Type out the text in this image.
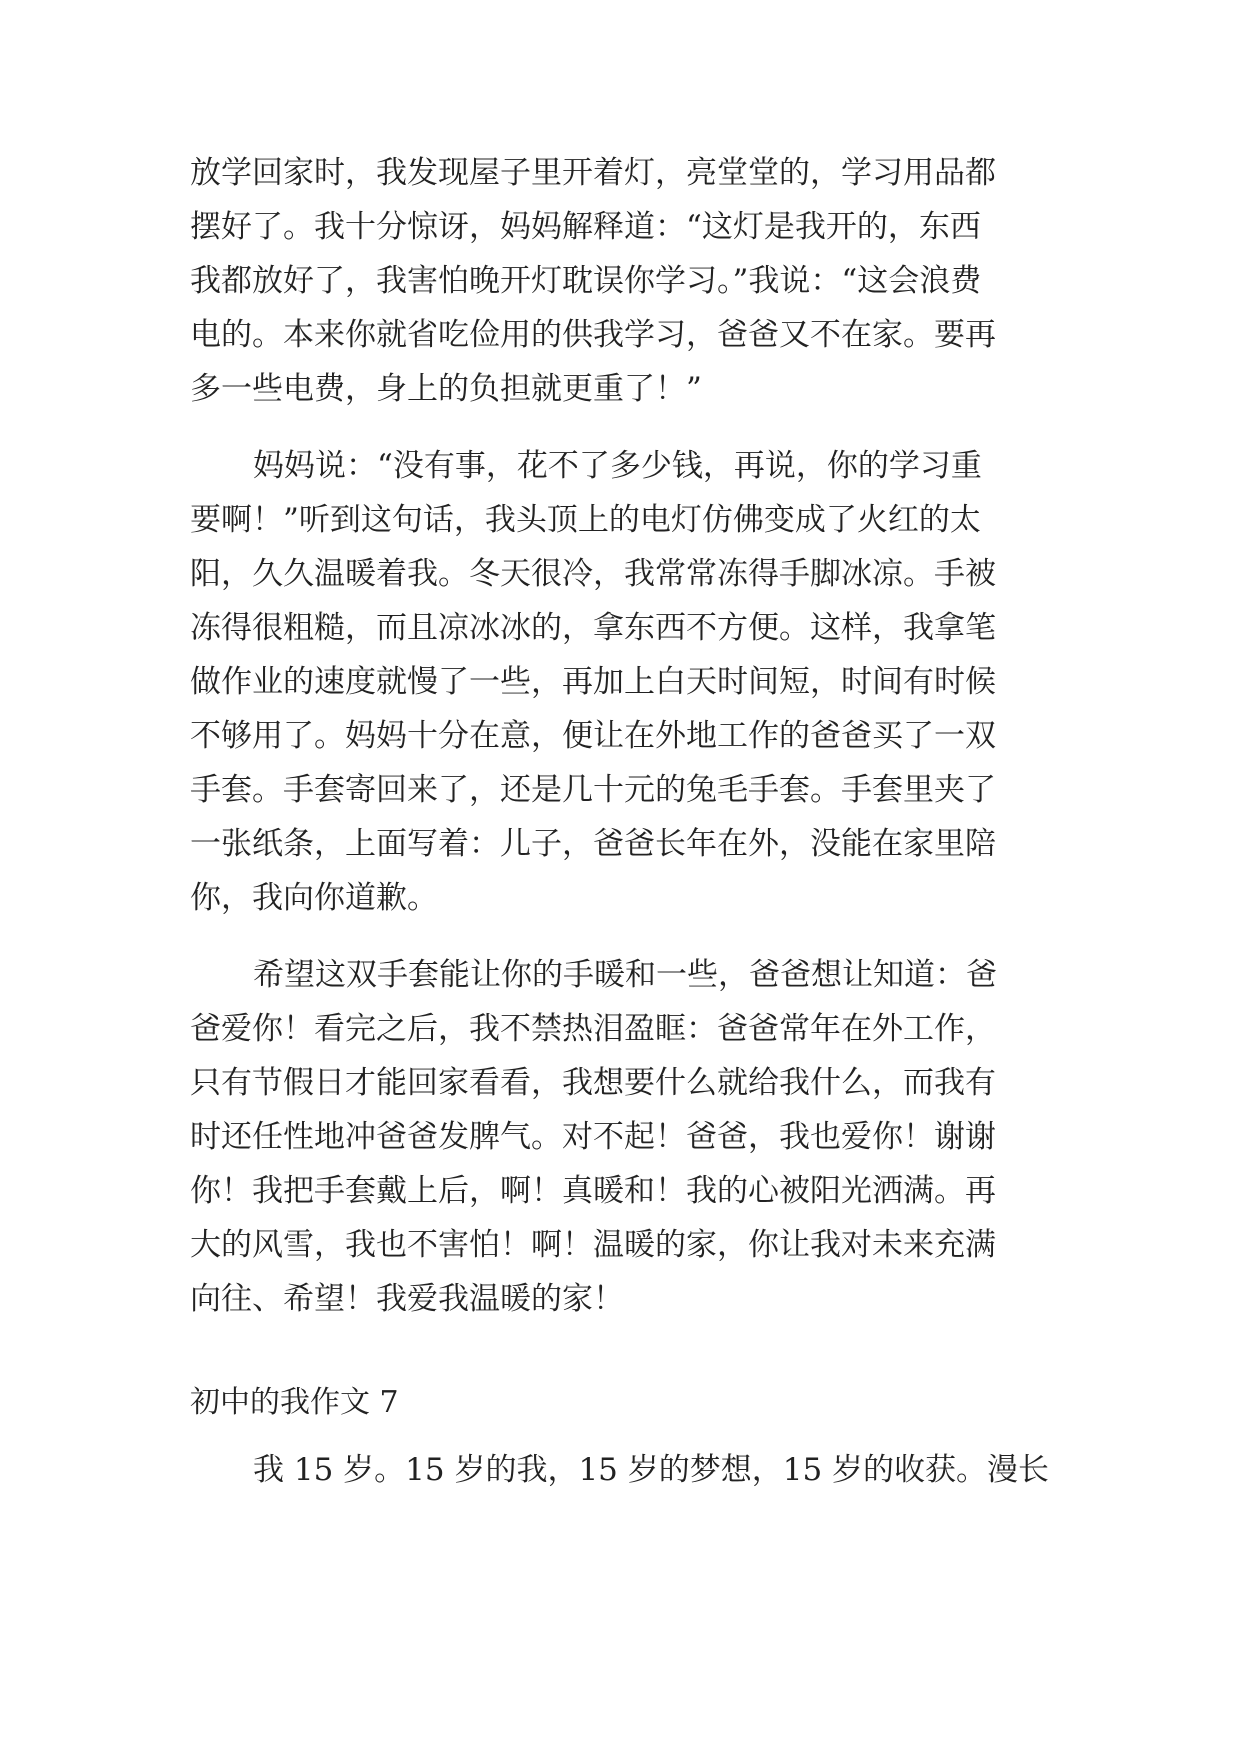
放学回家时，我发现屋子里开着灯，亮堂堂的，学习用品都
摆好了。我十分惊讶，妈妈解释道：“这灯是我开的，东西
我都放好了，我害怕晚开灯耽误你学习。”我说：“这会浪费
电的。本来你就省吃俭用的供我学习，爸爸又不在家。要再
多一些电费，身上的负担就更重了！”
妈妈说：“没有事，花不了多少钱，再说，你的学习重
要啊！”听到这句话，我头顶上的电灯仿佛变成了火红的太
阳，久久温暖着我。冬天很冷，我常常冻得手脚冰凉。手被
冻得很粗糙，而且凉冰冰的，拿东西不方便。这样，我拿笔
做作业的速度就慢了一些，再加上白天时间短，时间有时候
不够用了。妈妈十分在意，便让在外地工作的爸爸买了一双
手套。手套寄回来了，还是几十元的兔毛手套。手套里夹了
一张纸条，上面写着：儿子，爸爸长年在外，没能在家里陪
你，我向你道歉。
希望这双手套能让你的手暖和一些，爸爸想让知道：爸
爸爱你！看完之后，我不禁热泪盈眶：爸爸常年在外工作，
只有节假日才能回家看看，我想要什么就给我什么，而我有
时还任性地冲爸爸发脾气。对不起！爸爸，我也爱你！谢谢
你！我把手套戴上后，啊！真暖和！我的心被阳光洒满。再
大的风雪，我也不害怕！啊！温暖的家，你让我对未来充满
向往、希望！我爱我温暖的家！
初中的我作文 7
我 15 岁。15 岁的我，15 岁的梦想，15 岁的收获。漫长
